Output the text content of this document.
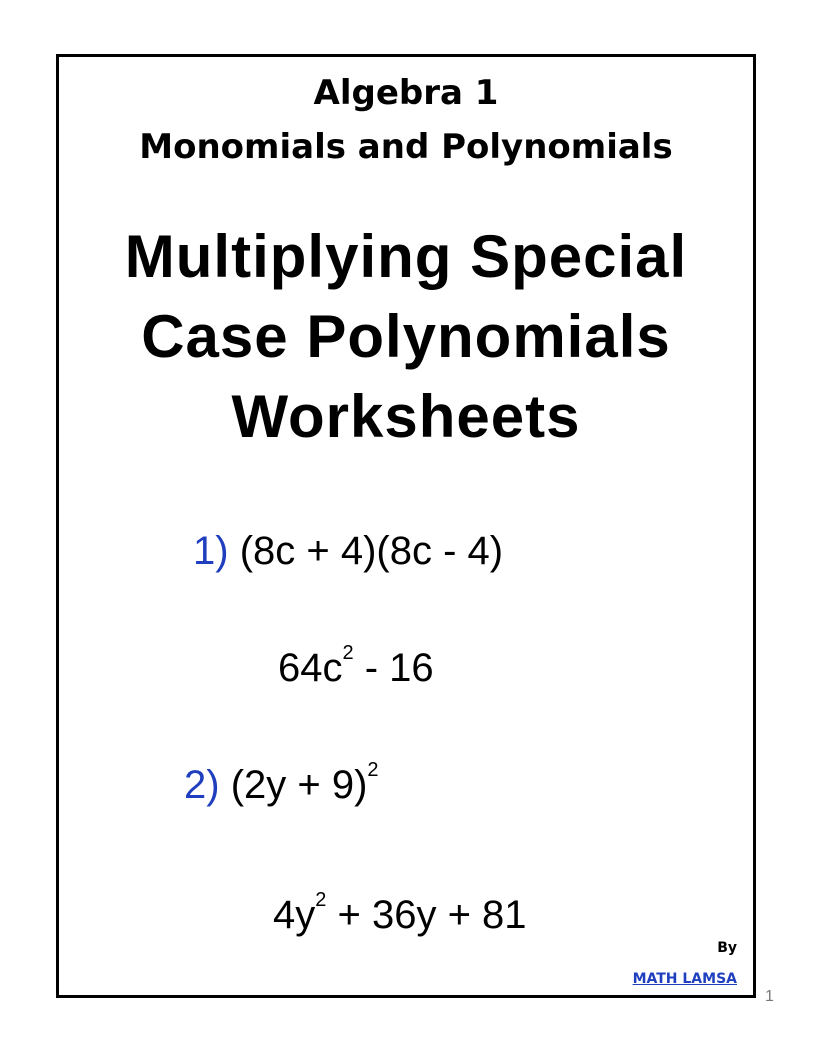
Algebra 1
Monomials and Polynomials
Multiplying Special
Case Polynomials
Worksheets
1) (8c + 4)(8c - 4)
$64c^2 - 16$
2) $(2y + 9)^2$
$4y^2 + 36y + 81$
By
MATH LAMSA
1
